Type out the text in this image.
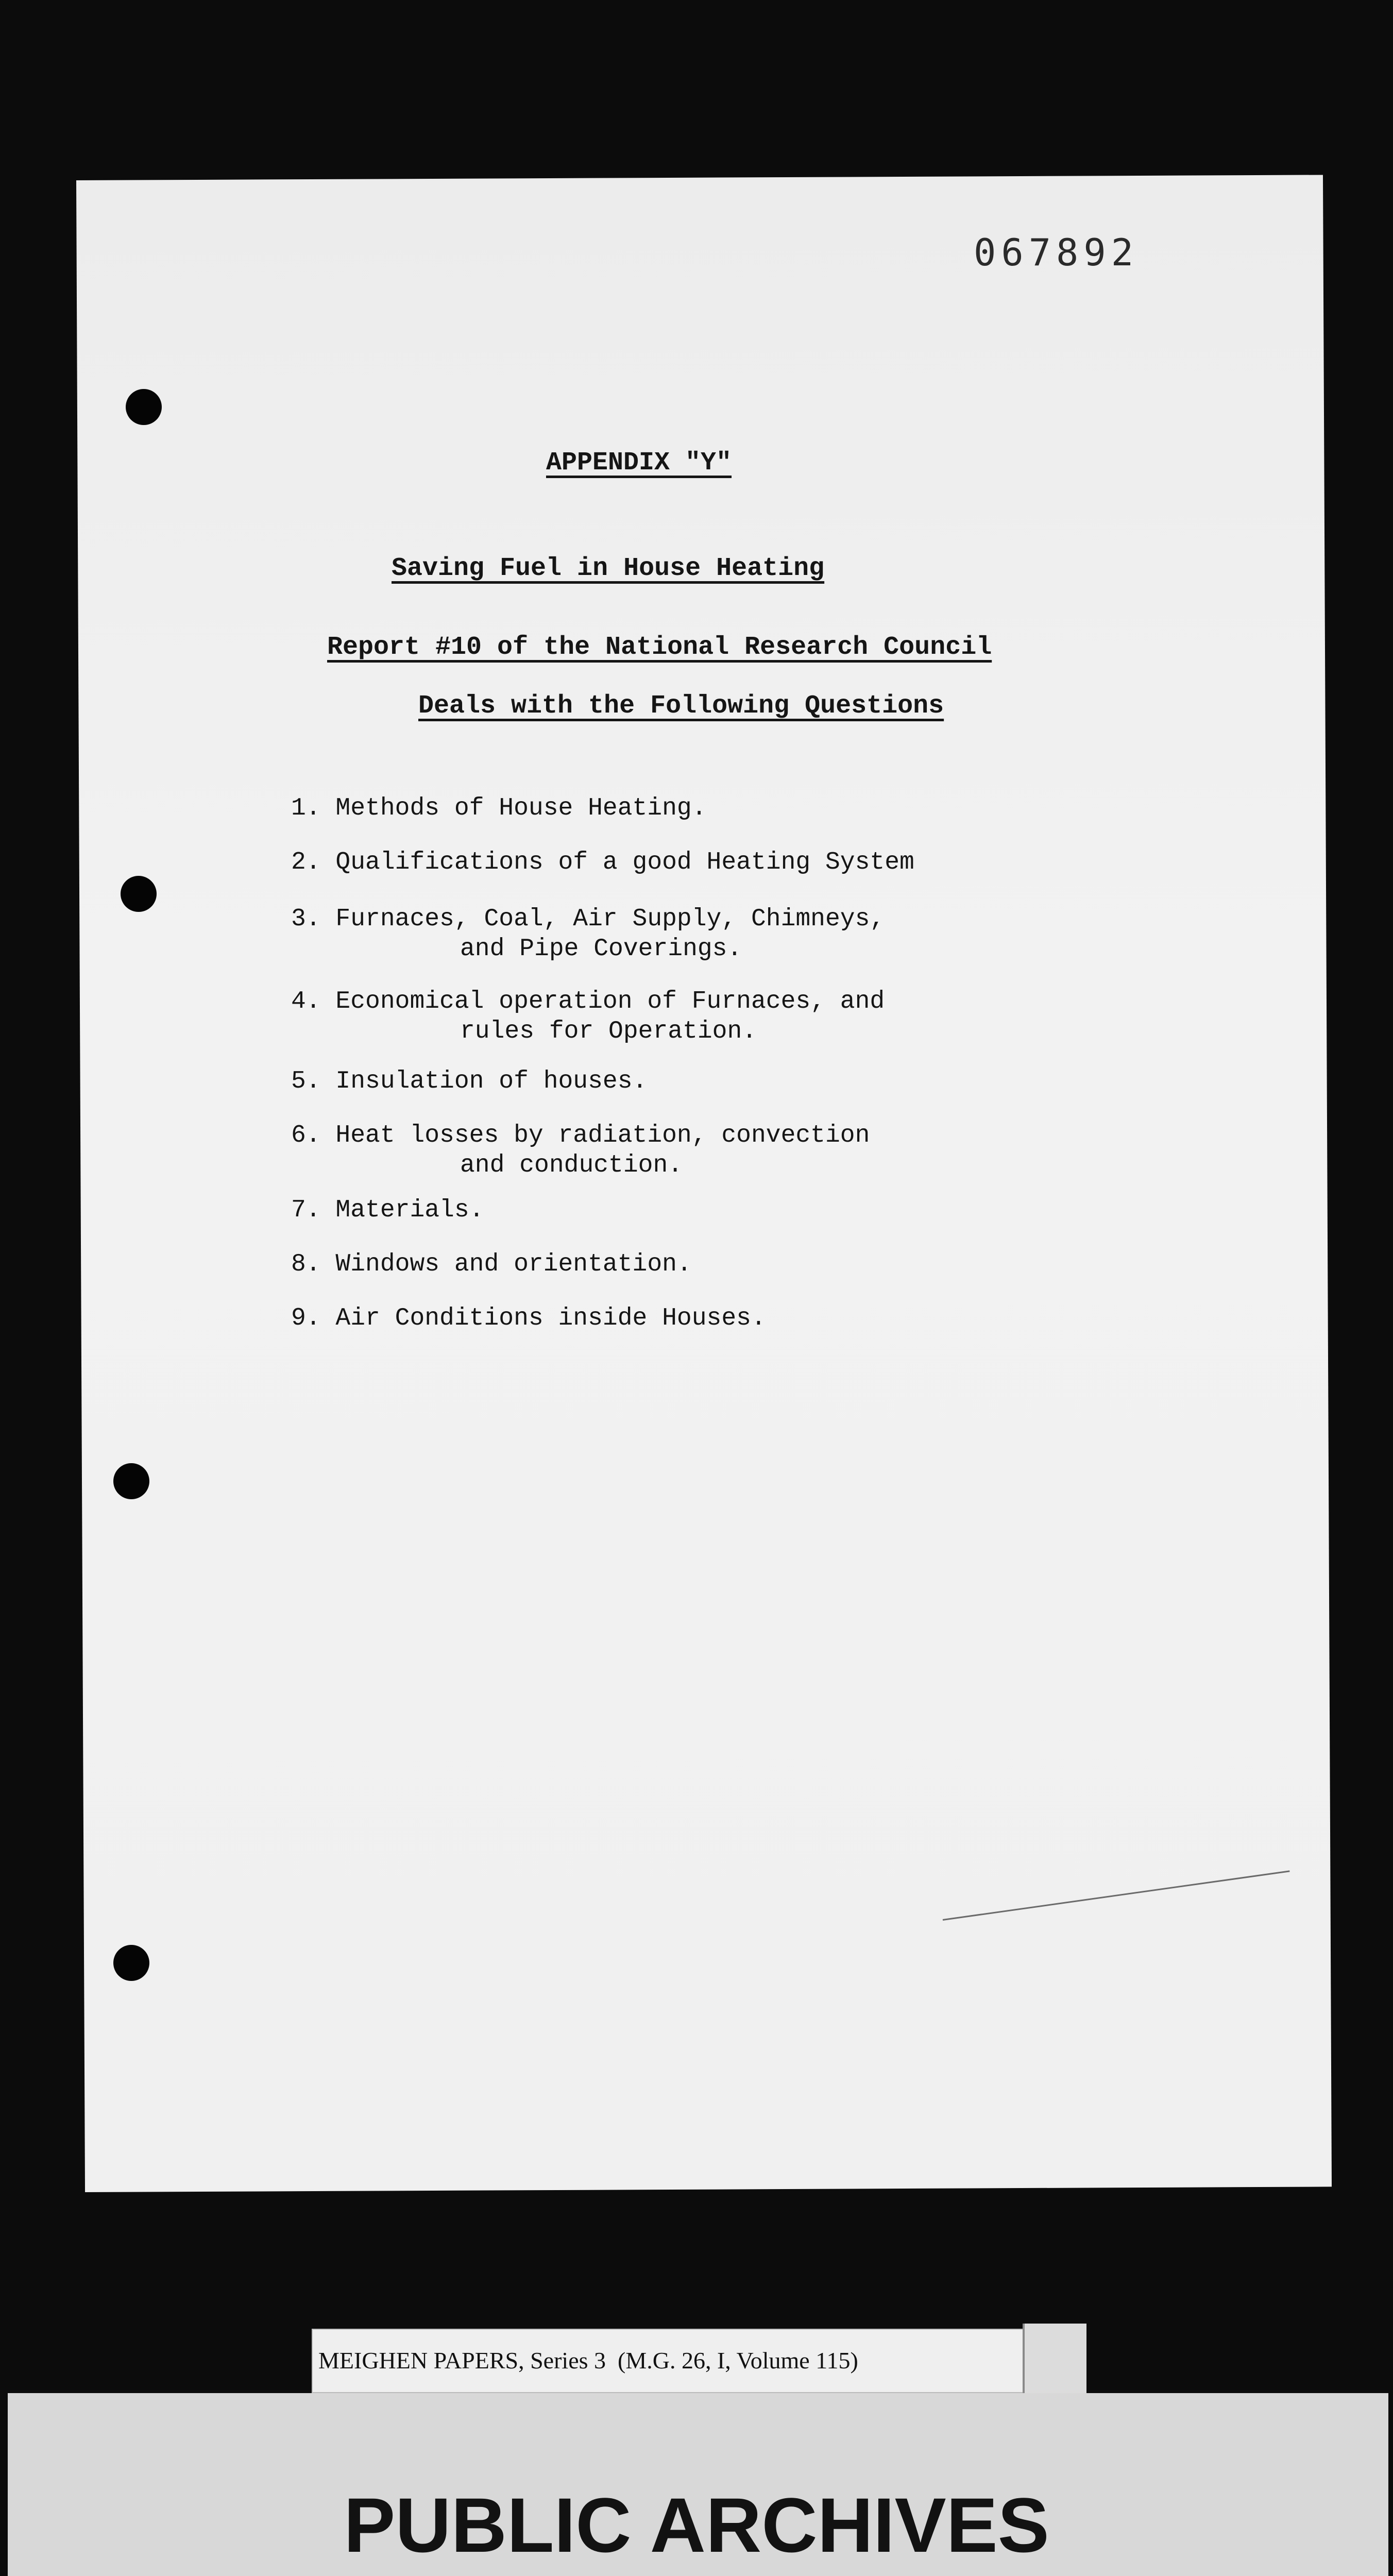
067892
APPENDIX "Y"
Saving Fuel in House Heating
Report #10 of the National Research Council
Deals with the Following Questions
1. Methods of House Heating.
2. Qualifications of a good Heating System
3. Furnaces, Coal, Air Supply, Chimneys,
and Pipe Coverings.
4. Economical operation of Furnaces, and
rules for Operation.
5. Insulation of houses.
6. Heat losses by radiation, convection
and conduction.
7. Materials.
8. Windows and orientation.
9. Air Conditions inside Houses.
MEIGHEN PAPERS, Series 3  (M.G. 26, I, Volume 115)
PUBLIC ARCHIVES
